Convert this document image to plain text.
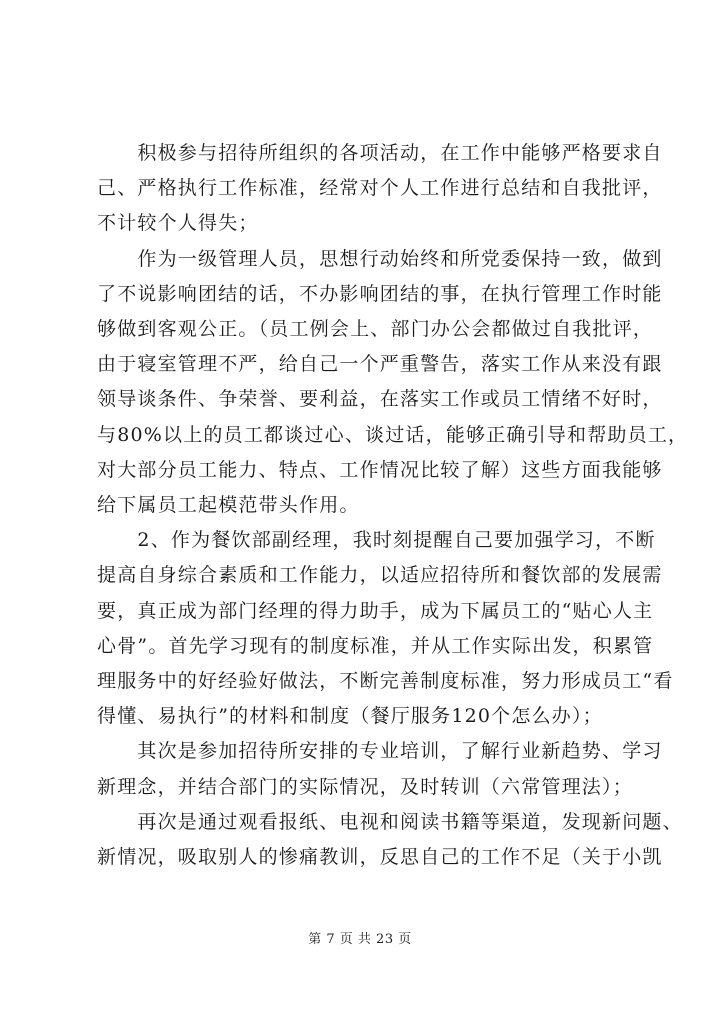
　　积极参与招待所组织的各项活动，在工作中能够严格要求自
己、严格执行工作标准，经常对个人工作进行总结和自我批评，
不计较个人得失；

　　作为一级管理人员，思想行动始终和所党委保持一致，做到
了不说影响团结的话，不办影响团结的事，在执行管理工作时能
够做到客观公正。（员工例会上、部门办公会都做过自我批评，
由于寝室管理不严，给自己一个严重警告，落实工作从来没有跟
领导谈条件、争荣誉、要利益，在落实工作或员工情绪不好时，
与80%以上的员工都谈过心、谈过话，能够正确引导和帮助员工，
对大部分员工能力、特点、工作情况比较了解）这些方面我能够
给下属员工起模范带头作用。

　　2、作为餐饮部副经理，我时刻提醒自己要加强学习，不断
提高自身综合素质和工作能力，以适应招待所和餐饮部的发展需
要，真正成为部门经理的得力助手，成为下属员工的“贴心人主
心骨”。首先学习现有的制度标准，并从工作实际出发，积累管
理服务中的好经验好做法，不断完善制度标准，努力形成员工“看
得懂、易执行”的材料和制度（餐厅服务120个怎么办）；

　　其次是参加招待所安排的专业培训，了解行业新趋势、学习
新理念，并结合部门的实际情况，及时转训（六常管理法）；

　　再次是通过观看报纸、电视和阅读书籍等渠道，发现新问题、
新情况，吸取别人的惨痛教训，反思自己的工作不足（关于小凯

第 7 页 共 23 页
